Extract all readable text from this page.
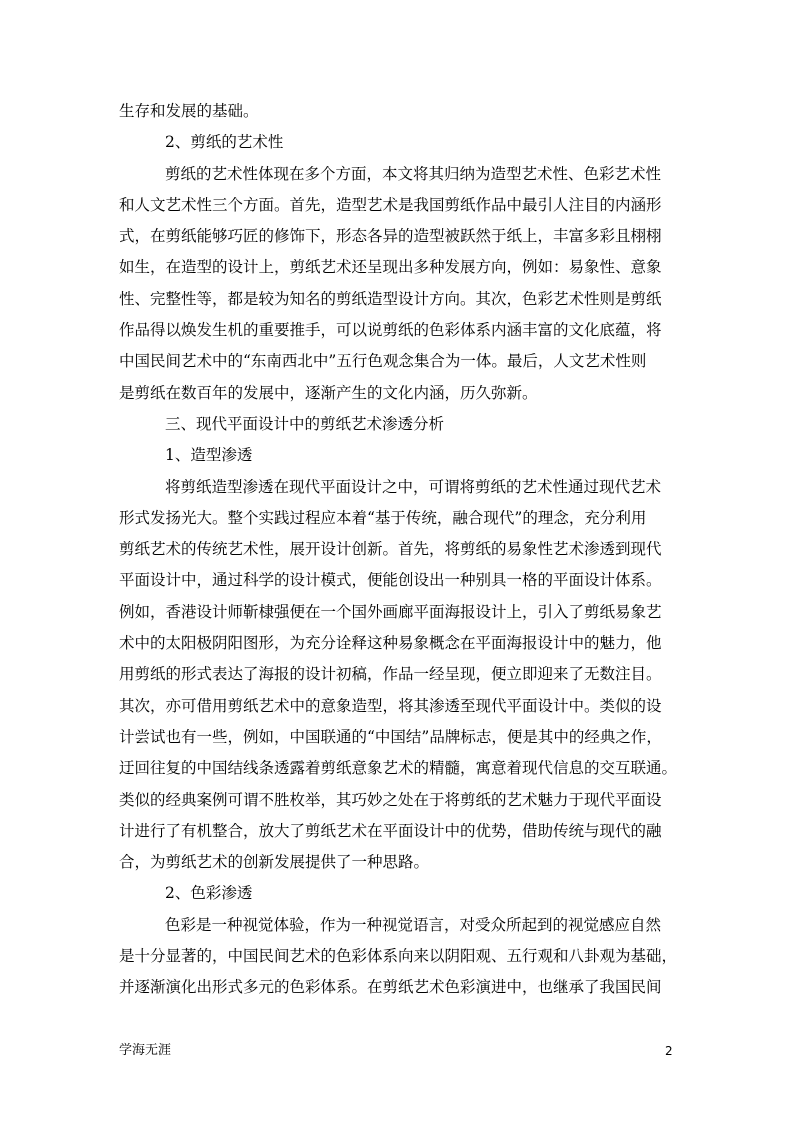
生存和发展的基础。
2、剪纸的艺术性
剪纸的艺术性体现在多个方面，本文将其归纳为造型艺术性、色彩艺术性
和人文艺术性三个方面。首先，造型艺术是我国剪纸作品中最引人注目的内涵形
式，在剪纸能够巧匠的修饰下，形态各异的造型被跃然于纸上，丰富多彩且栩栩
如生，在造型的设计上，剪纸艺术还呈现出多种发展方向，例如：易象性、意象
性、完整性等，都是较为知名的剪纸造型设计方向。其次，色彩艺术性则是剪纸
作品得以焕发生机的重要推手，可以说剪纸的色彩体系内涵丰富的文化底蕴，将
中国民间艺术中的“东南西北中”五行色观念集合为一体。最后，人文艺术性则
是剪纸在数百年的发展中，逐渐产生的文化内涵，历久弥新。
三、现代平面设计中的剪纸艺术渗透分析
1、造型渗透
将剪纸造型渗透在现代平面设计之中，可谓将剪纸的艺术性通过现代艺术
形式发扬光大。整个实践过程应本着“基于传统，融合现代”的理念，充分利用
剪纸艺术的传统艺术性，展开设计创新。首先，将剪纸的易象性艺术渗透到现代
平面设计中，通过科学的设计模式，便能创设出一种别具一格的平面设计体系。
例如，香港设计师靳棣强便在一个国外画廊平面海报设计上，引入了剪纸易象艺
术中的太阳极阴阳图形，为充分诠释这种易象概念在平面海报设计中的魅力，他
用剪纸的形式表达了海报的设计初稿，作品一经呈现，便立即迎来了无数注目。
其次，亦可借用剪纸艺术中的意象造型，将其渗透至现代平面设计中。类似的设
计尝试也有一些，例如，中国联通的“中国结”品牌标志，便是其中的经典之作，
迂回往复的中国结线条透露着剪纸意象艺术的精髓，寓意着现代信息的交互联通。
类似的经典案例可谓不胜枚举，其巧妙之处在于将剪纸的艺术魅力于现代平面设
计进行了有机整合，放大了剪纸艺术在平面设计中的优势，借助传统与现代的融
合，为剪纸艺术的创新发展提供了一种思路。
2、色彩渗透
色彩是一种视觉体验，作为一种视觉语言，对受众所起到的视觉感应自然
是十分显著的，中国民间艺术的色彩体系向来以阴阳观、五行观和八卦观为基础，
并逐渐演化出形式多元的色彩体系。在剪纸艺术色彩演进中，也继承了我国民间
学海无涯	2
